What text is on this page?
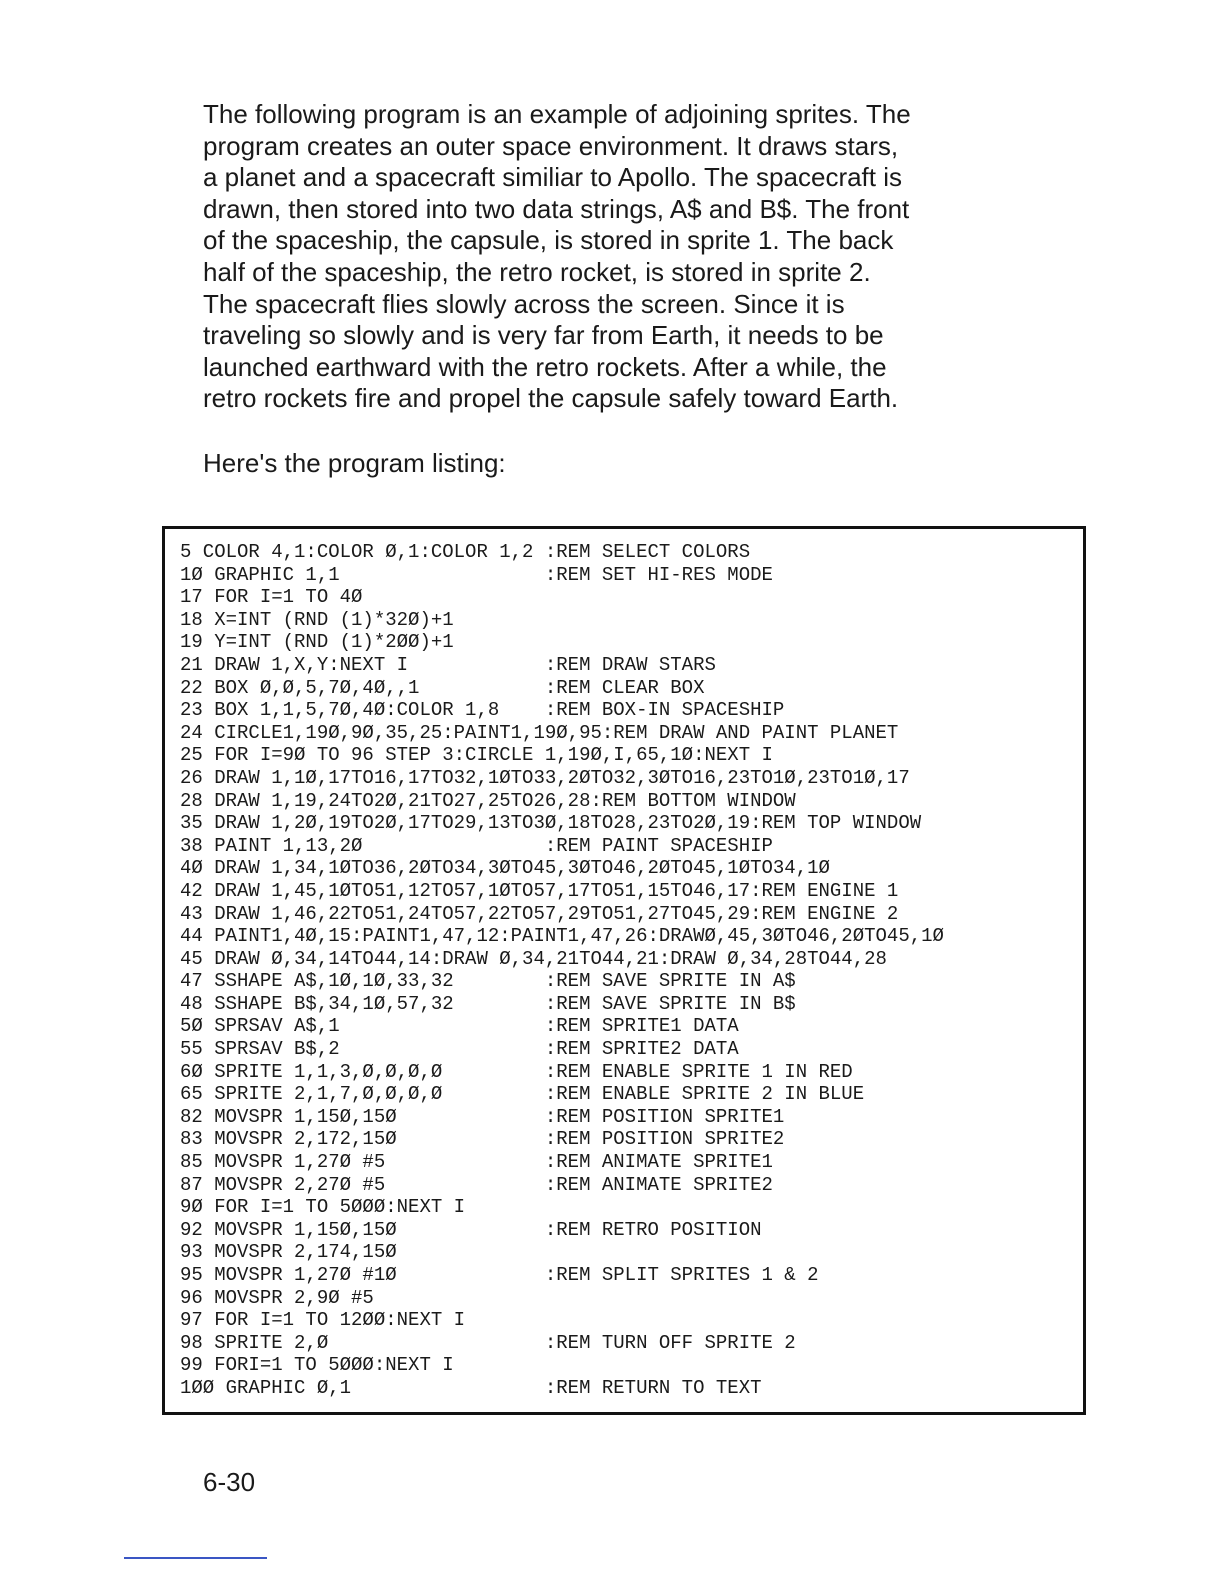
The following program is an example of adjoining sprites. The

program creates an outer space environment. It draws stars,

a planet and a spacecraft similiar to Apollo. The spacecraft is

drawn, then stored into two data strings, A$ and B$. The front

of the spaceship, the capsule, is stored in sprite 1. The back

half of the spaceship, the retro rocket, is stored in sprite 2.

The spacecraft flies slowly across the screen. Since it is

traveling so slowly and is very far from Earth, it needs to be

launched earthward with the retro rockets. After a while, the

retro rockets fire and propel the capsule safely toward Earth.

Here's the program listing:

5 COLOR 4,1:COLOR Ø,1:COLOR 1,2 :REM SELECT COLORS
1Ø GRAPHIC 1,1                  :REM SET HI-RES MODE
17 FOR I=1 TO 4Ø
18 X=INT (RND (1)*32Ø)+1
19 Y=INT (RND (1)*2ØØ)+1
21 DRAW 1,X,Y:NEXT I            :REM DRAW STARS
22 BOX Ø,Ø,5,7Ø,4Ø,,1           :REM CLEAR BOX
23 BOX 1,1,5,7Ø,4Ø:COLOR 1,8    :REM BOX-IN SPACESHIP
24 CIRCLE1,19Ø,9Ø,35,25:PAINT1,19Ø,95:REM DRAW AND PAINT PLANET
25 FOR I=9Ø TO 96 STEP 3:CIRCLE 1,19Ø,I,65,1Ø:NEXT I
26 DRAW 1,1Ø,17TO16,17TO32,1ØTO33,2ØTO32,3ØTO16,23TO1Ø,23TO1Ø,17
28 DRAW 1,19,24TO2Ø,21TO27,25TO26,28:REM BOTTOM WINDOW
35 DRAW 1,2Ø,19TO2Ø,17TO29,13TO3Ø,18TO28,23TO2Ø,19:REM TOP WINDOW
38 PAINT 1,13,2Ø                :REM PAINT SPACESHIP
4Ø DRAW 1,34,1ØTO36,2ØTO34,3ØTO45,3ØTO46,2ØTO45,1ØTO34,1Ø
42 DRAW 1,45,1ØTO51,12TO57,1ØTO57,17TO51,15TO46,17:REM ENGINE 1
43 DRAW 1,46,22TO51,24TO57,22TO57,29TO51,27TO45,29:REM ENGINE 2
44 PAINT1,4Ø,15:PAINT1,47,12:PAINT1,47,26:DRAWØ,45,3ØTO46,2ØTO45,1Ø
45 DRAW Ø,34,14TO44,14:DRAW Ø,34,21TO44,21:DRAW Ø,34,28TO44,28
47 SSHAPE A$,1Ø,1Ø,33,32        :REM SAVE SPRITE IN A$
48 SSHAPE B$,34,1Ø,57,32        :REM SAVE SPRITE IN B$
5Ø SPRSAV A$,1                  :REM SPRITE1 DATA
55 SPRSAV B$,2                  :REM SPRITE2 DATA
6Ø SPRITE 1,1,3,Ø,Ø,Ø,Ø         :REM ENABLE SPRITE 1 IN RED
65 SPRITE 2,1,7,Ø,Ø,Ø,Ø         :REM ENABLE SPRITE 2 IN BLUE
82 MOVSPR 1,15Ø,15Ø             :REM POSITION SPRITE1
83 MOVSPR 2,172,15Ø             :REM POSITION SPRITE2
85 MOVSPR 1,27Ø #5              :REM ANIMATE SPRITE1
87 MOVSPR 2,27Ø #5              :REM ANIMATE SPRITE2
9Ø FOR I=1 TO 5ØØØ:NEXT I
92 MOVSPR 1,15Ø,15Ø             :REM RETRO POSITION
93 MOVSPR 2,174,15Ø
95 MOVSPR 1,27Ø #1Ø             :REM SPLIT SPRITES 1 & 2
96 MOVSPR 2,9Ø #5
97 FOR I=1 TO 12ØØ:NEXT I
98 SPRITE 2,Ø                   :REM TURN OFF SPRITE 2
99 FORI=1 TO 5ØØØ:NEXT I
1ØØ GRAPHIC Ø,1                 :REM RETURN TO TEXT

6-30
